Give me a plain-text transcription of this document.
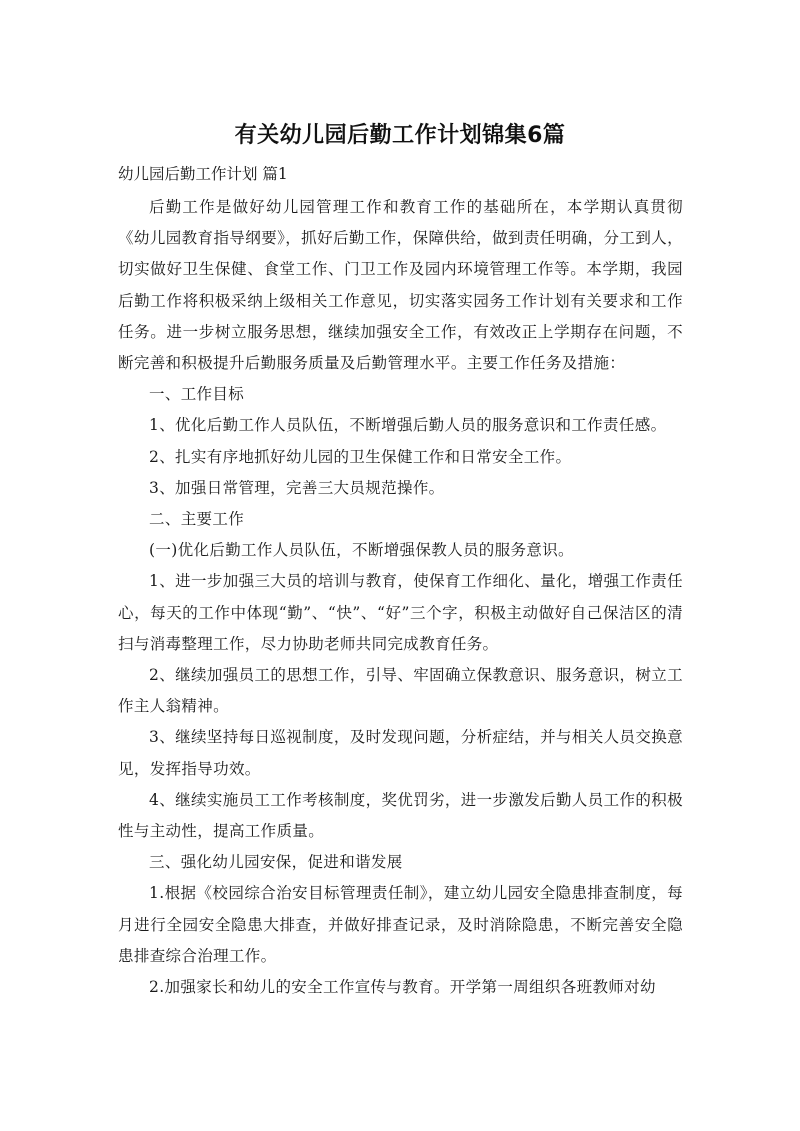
有关幼儿园后勤工作计划锦集6篇
幼儿园后勤工作计划 篇1

后勤工作是做好幼儿园管理工作和教育工作的基础所在，本学期认真贯彻《幼儿园教育指导纲要》，抓好后勤工作，保障供给，做到责任明确，分工到人，切实做好卫生保健、食堂工作、门卫工作及园内环境管理工作等。本学期，我园后勤工作将积极采纳上级相关工作意见，切实落实园务工作计划有关要求和工作任务。进一步树立服务思想，继续加强安全工作，有效改正上学期存在问题，不断完善和积极提升后勤服务质量及后勤管理水平。主要工作任务及措施：

一、工作目标

1、优化后勤工作人员队伍，不断增强后勤人员的服务意识和工作责任感。

2、扎实有序地抓好幼儿园的卫生保健工作和日常安全工作。

3、加强日常管理，完善三大员规范操作。

二、主要工作

(一)优化后勤工作人员队伍，不断增强保教人员的服务意识。

1、进一步加强三大员的培训与教育，使保育工作细化、量化，增强工作责任心，每天的工作中体现“勤”、“快”、“好”三个字，积极主动做好自己保洁区的清扫与消毒整理工作，尽力协助老师共同完成教育任务。

2、继续加强员工的思想工作，引导、牢固确立保教意识、服务意识，树立工作主人翁精神。

3、继续坚持每日巡视制度，及时发现问题，分析症结，并与相关人员交换意见，发挥指导功效。

4、继续实施员工工作考核制度，奖优罚劣，进一步激发后勤人员工作的积极性与主动性，提高工作质量。

三、强化幼儿园安保，促进和谐发展

1.根据《校园综合治安目标管理责任制》，建立幼儿园安全隐患排查制度，每月进行全园安全隐患大排查，并做好排查记录，及时消除隐患，不断完善安全隐患排查综合治理工作。

2.加强家长和幼儿的安全工作宣传与教育。开学第一周组织各班教师对幼
